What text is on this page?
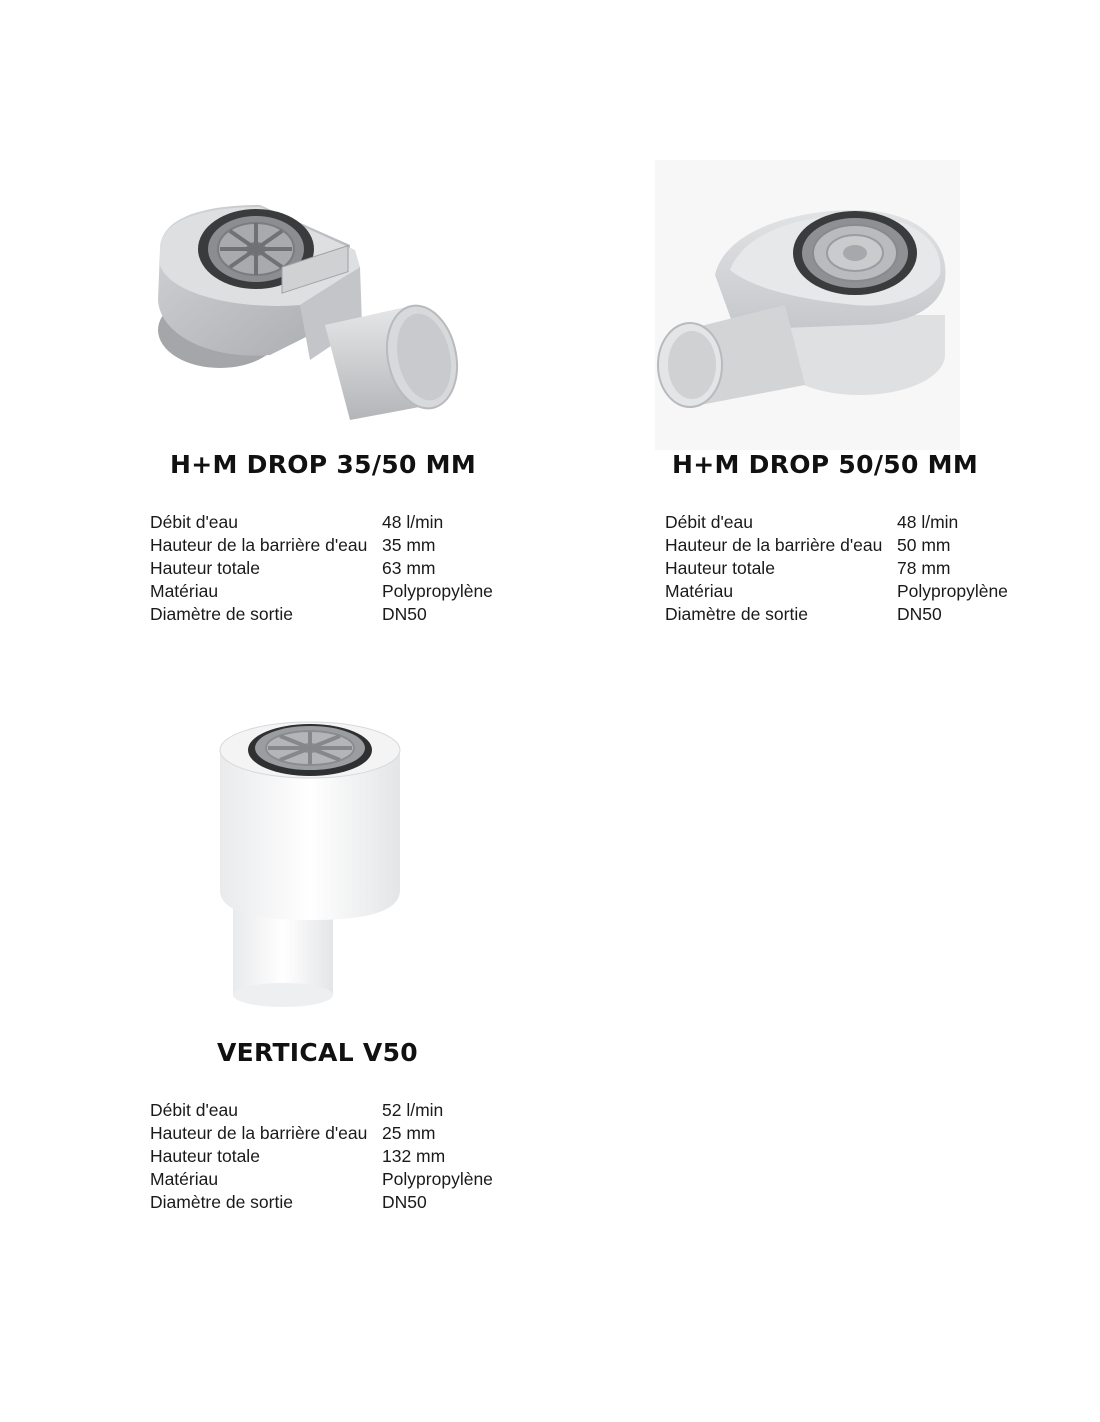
H+M DROP 35/50 MM
Débit d'eau	48 l/min
Hauteur de la barrière d'eau	35 mm
Hauteur totale	63 mm
Matériau	Polypropylène
Diamètre de sortie	DN50
H+M DROP 50/50 MM
Débit d'eau	48 l/min
Hauteur de la barrière d'eau	50 mm
Hauteur totale	78 mm
Matériau	Polypropylène
Diamètre de sortie	DN50
VERTICAL V50
Débit d'eau	52 l/min
Hauteur de la barrière d'eau	25 mm
Hauteur totale	132 mm
Matériau	Polypropylène
Diamètre de sortie	DN50
